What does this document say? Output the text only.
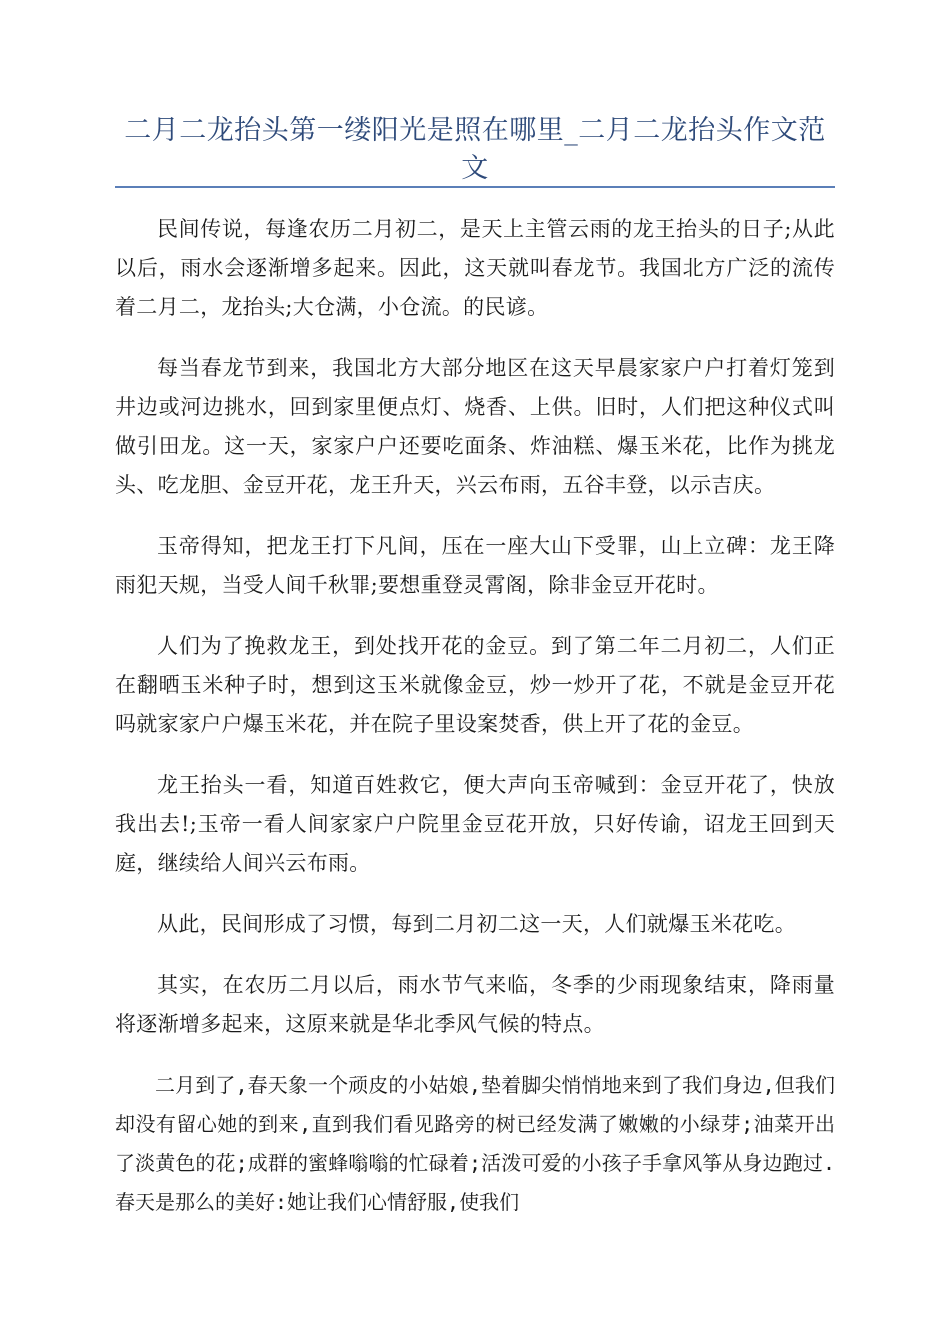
二月二龙抬头第一缕阳光是照在哪里_二月二龙抬头作文范文

民间传说，每逢农历二月初二，是天上主管云雨的龙王抬头的日子;从此以后，雨水会逐渐增多起来。因此，这天就叫春龙节。我国北方广泛的流传着二月二，龙抬头;大仓满，小仓流。的民谚。

每当春龙节到来，我国北方大部分地区在这天早晨家家户户打着灯笼到井边或河边挑水，回到家里便点灯、烧香、上供。旧时，人们把这种仪式叫做引田龙。这一天，家家户户还要吃面条、炸油糕、爆玉米花，比作为挑龙头、吃龙胆、金豆开花，龙王升天，兴云布雨，五谷丰登，以示吉庆。

玉帝得知，把龙王打下凡间，压在一座大山下受罪，山上立碑：龙王降雨犯天规，当受人间千秋罪;要想重登灵霄阁，除非金豆开花时。

人们为了挽救龙王，到处找开花的金豆。到了第二年二月初二，人们正在翻晒玉米种子时，想到这玉米就像金豆，炒一炒开了花，不就是金豆开花吗就家家户户爆玉米花，并在院子里设案焚香，供上开了花的金豆。

龙王抬头一看，知道百姓救它，便大声向玉帝喊到：金豆开花了，快放我出去!;玉帝一看人间家家户户院里金豆花开放，只好传谕，诏龙王回到天庭，继续给人间兴云布雨。

从此，民间形成了习惯，每到二月初二这一天，人们就爆玉米花吃。

其实，在农历二月以后，雨水节气来临，冬季的少雨现象结束，降雨量将逐渐增多起来，这原来就是华北季风气候的特点。

二月到了,春天象一个顽皮的小姑娘,垫着脚尖悄悄地来到了我们身边,但我们却没有留心她的到来,直到我们看见路旁的树已经发满了嫩嫩的小绿芽;油菜开出了淡黄色的花;成群的蜜蜂嗡嗡的忙碌着;活泼可爱的小孩子手拿风筝从身边跑过.春天是那么的美好:她让我们心情舒服,使我们
